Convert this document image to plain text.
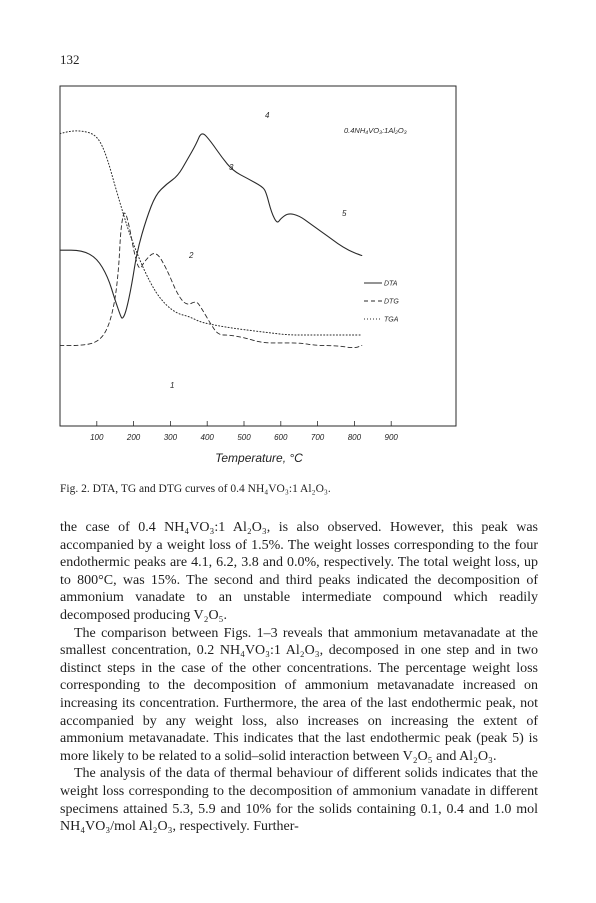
132
100	200	300	400	500	600	700	800	900
Temperature, °C
0.4NH₄VO₃:1Al₂O₃
4
3
5
2
1
DTA
DTG
TGA
Fig. 2. DTA, TG and DTG curves of 0.4 NH₄VO₃:1 Al₂O₃.

the case of 0.4 NH₄VO₃:1 Al₂O₃, is also observed. However, this peak was accompanied by a weight loss of 1.5%. The weight losses corresponding to the four endothermic peaks are 4.1, 6.2, 3.8 and 0.0%, respectively. The total weight loss, up to 800°C, was 15%. The second and third peaks indicated the decomposition of ammonium vanadate to an unstable intermediate compound which readily decomposed producing V₂O₅.

The comparison between Figs. 1–3 reveals that ammonium metavanadate at the smallest concentration, 0.2 NH₄VO₃:1 Al₂O₃, decomposed in one step and in two distinct steps in the case of the other concentrations. The percentage weight loss corresponding to the decomposition of ammonium metavanadate increased on increasing its concentration. Furthermore, the area of the last endothermic peak, not accompanied by any weight loss, also increases on increasing the extent of ammonium metavanadate. This indicates that the last endothermic peak (peak 5) is more likely to be related to a solid–solid interaction between V₂O₅ and Al₂O₃.

The analysis of the data of thermal behaviour of different solids indicates that the weight loss corresponding to the decomposition of ammonium vanadate in different specimens attained 5.3, 5.9 and 10% for the solids containing 0.1, 0.4 and 1.0 mol NH₄VO₃/mol Al₂O₃, respectively. Further-
